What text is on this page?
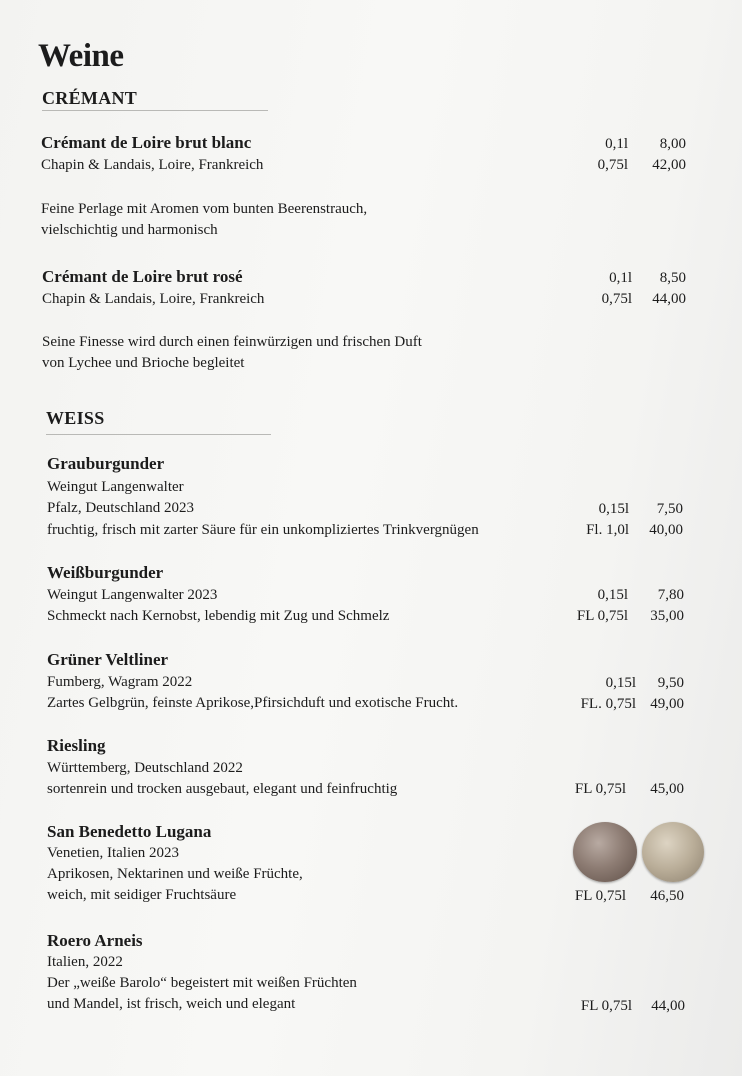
Weine
CRÉMANT
Crémant de Loire brut blanc
Chapin & Landais, Loire, Frankreich
Feine Perlage mit Aromen vom bunten Beerenstrauch,
vielschichtig und harmonisch
0,1l 8,00
0,75l 42,00
Crémant de Loire brut rosé
Chapin & Landais, Loire, Frankreich
Seine Finesse wird durch einen feinwürzigen und frischen Duft
von Lychee und Brioche begleitet
0,1l 8,50
0,75l 44,00
WEISS
Grauburgunder
Weingut Langenwalter
Pfalz, Deutschland 2023
fruchtig, frisch mit zarter Säure für ein unkompliziertes Trinkvergnügen
0,15l 7,50
Fl. 1,0l 40,00
Weißburgunder
Weingut Langenwalter 2023
Schmeckt nach Kernobst, lebendig mit Zug und Schmelz
0,15l 7,80
FL 0,75l 35,00
Grüner Veltliner
Fumberg, Wagram 2022
Zartes Gelbgrün, feinste Aprikose,Pfirsichduft und exotische Frucht.
0,15l 9,50
FL. 0,75l 49,00
Riesling
Württemberg, Deutschland 2022
sortenrein und trocken ausgebaut, elegant und feinfruchtig	FL 0,75l 45,00
San Benedetto Lugana
Venetien, Italien 2023
Aprikosen, Nektarinen und weiße Früchte,
weich, mit seidiger Fruchtsäure	FL 0,75l 46,50
Roero Arneis
Italien, 2022
Der „weiße Barolo“ begeistert mit weißen Früchten
und Mandel, ist frisch, weich und elegant	FL 0,75l 44,00
